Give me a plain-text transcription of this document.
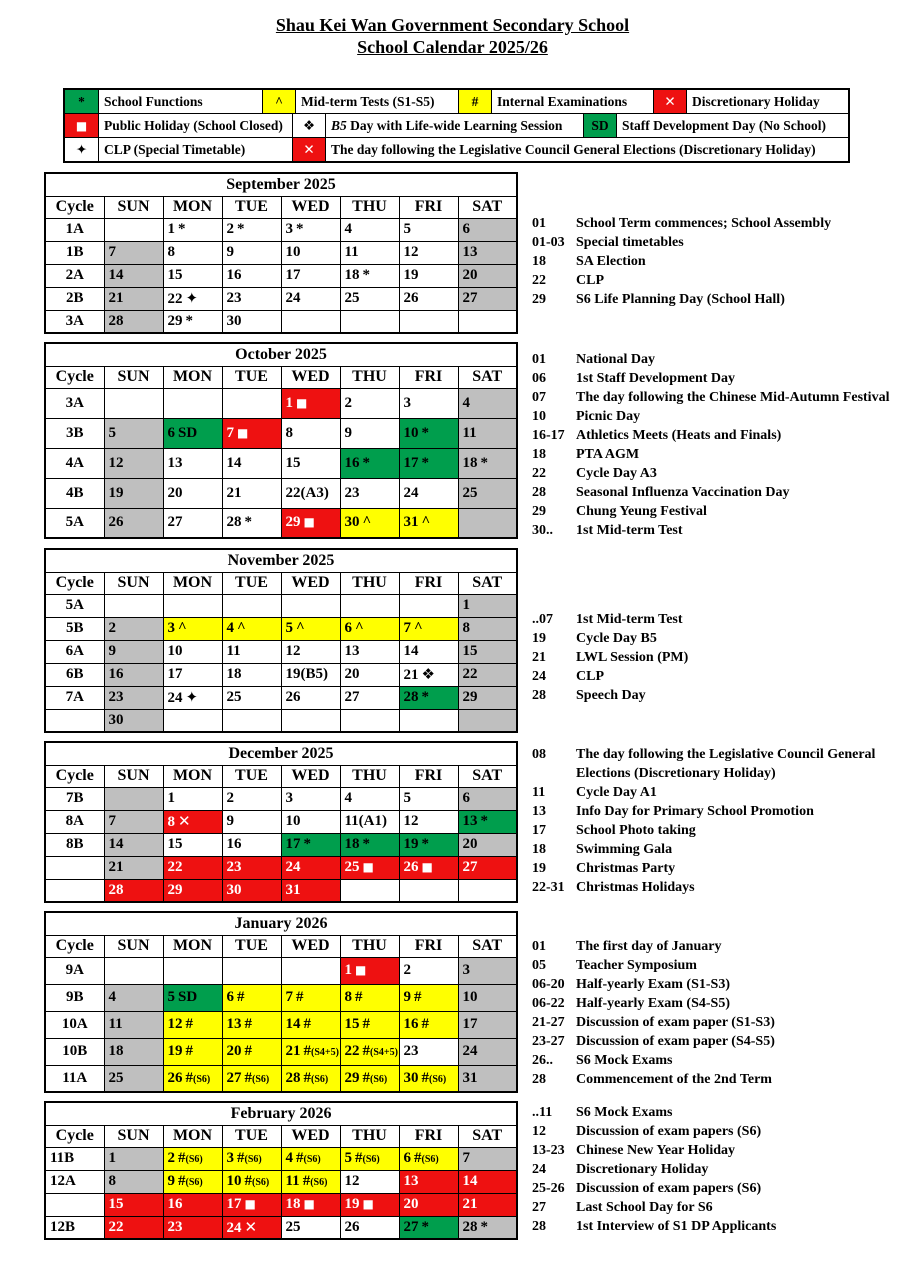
Shau Kei Wan Government Secondary School
School Calendar 2025/26
*	School Functions	^	Mid-term Tests (S1-S5)	#	Internal Examinations	✕	Discretionary Holiday
■	Public Holiday (School Closed)	❖	B5 Day with Life-wide Learning Session	SD Staff Development Day (No School)
✦	CLP (Special Timetable)	✕	The day following the Legislative Council General Elections (Discretionary Holiday)
September 2025							
Cycle	SUN	MON	TUE	WED	THU	FRI	SAT
1A		1 *	2 *	3 *	4	5	6
1B	7	8	9	10	11	12	13
2A	14	15	16	17	18 *	19	20
2B	21	22 ✦	23	24	25	26	27
3A	28	29 *	30				
01	School Term commences; School Assembly
01-03 Special timetables
18	SA Election
22	CLP
29	S6 Life Planning Day (School Hall)
October 2025							
Cycle	SUN	MON	TUE	WED	THU	FRI	SAT
3A				1 ■	2	3	4
3B	5	6 SD	7 ■	8	9	10 *	11
4A	12	13	14	15	16 *	17 *	18 *
4B	19	20	21	22(A3)	23	24	25
5A	26	27	28 *	29 ■	30 ^	31 ^	
01	National Day
06	1st Staff Development Day
07	The day following the Chinese Mid-Autumn Festival
10	Picnic Day
16-17 Athletics Meets (Heats and Finals)
18	PTA AGM
22	Cycle Day A3
28	Seasonal Influenza Vaccination Day
29	Chung Yeung Festival
30..	1st Mid-term Test
November 2025							
Cycle	SUN	MON	TUE	WED	THU	FRI	SAT
5A							1
5B	2	3 ^	4 ^	5 ^	6 ^	7 ^	8
6A	9	10	11	12	13	14	15
6B	16	17	18	19(B5)	20	21 ❖	22
7A	23	24 ✦	25	26	27	28 *	29
	30						
..07	1st Mid-term Test
19	Cycle Day B5
21	LWL Session (PM)
24	CLP
28	Speech Day
December 2025							
Cycle	SUN	MON	TUE	WED	THU	FRI	SAT
7B		1	2	3	4	5	6
8A	7	8 ✕	9	10	11(A1)	12	13 *
8B	14	15	16	17 *	18 *	19 *	20
	21	22	23	24	25 ■	26 ■	27
	28	29	30	31			
08	The day following the Legislative Council General Elections (Discretionary Holiday)
11	Cycle Day A1
13	Info Day for Primary School Promotion
17	School Photo taking
18	Swimming Gala
19	Christmas Party
22-31 Christmas Holidays
January 2026							
Cycle	SUN	MON	TUE	WED	THU	FRI	SAT
9A					1 ■	2	3
9B	4	5 SD	6 #	7 #	8 #	9 #	10
10A	11	12 #	13 #	14 #	15 #	16 #	17
10B	18	19 #	20 #	21 #(S4+5)	22 #(S4+5)	23	24
11A	25	26 #(S6)	27 #(S6)	28 #(S6)	29 #(S6)	30 #(S6)	31
01	The first day of January
05	Teacher Symposium
06-20 Half-yearly Exam (S1-S3)
06-22 Half-yearly Exam (S4-S5)
21-27 Discussion of exam paper (S1-S3)
23-27 Discussion of exam paper (S4-S5)
26..	S6 Mock Exams
28	Commencement of the 2nd Term
February 2026							
Cycle	SUN	MON	TUE	WED	THU	FRI	SAT
11B	1	2 #(S6)	3 #(S6)	4 #(S6)	5 #(S6)	6 #(S6)	7
12A	8	9 #(S6)	10 #(S6)	11 #(S6)	12	13	14
	15	16	17 ■	18 ■	19 ■	20	21
12B	22	23	24 ✕	25	26	27 *	28 *
..11	S6 Mock Exams
12	Discussion of exam papers (S6)
13-23 Chinese New Year Holiday
24	Discretionary Holiday
25-26 Discussion of exam papers (S6)
27	Last School Day for S6
28	1st Interview of S1 DP Applicants
